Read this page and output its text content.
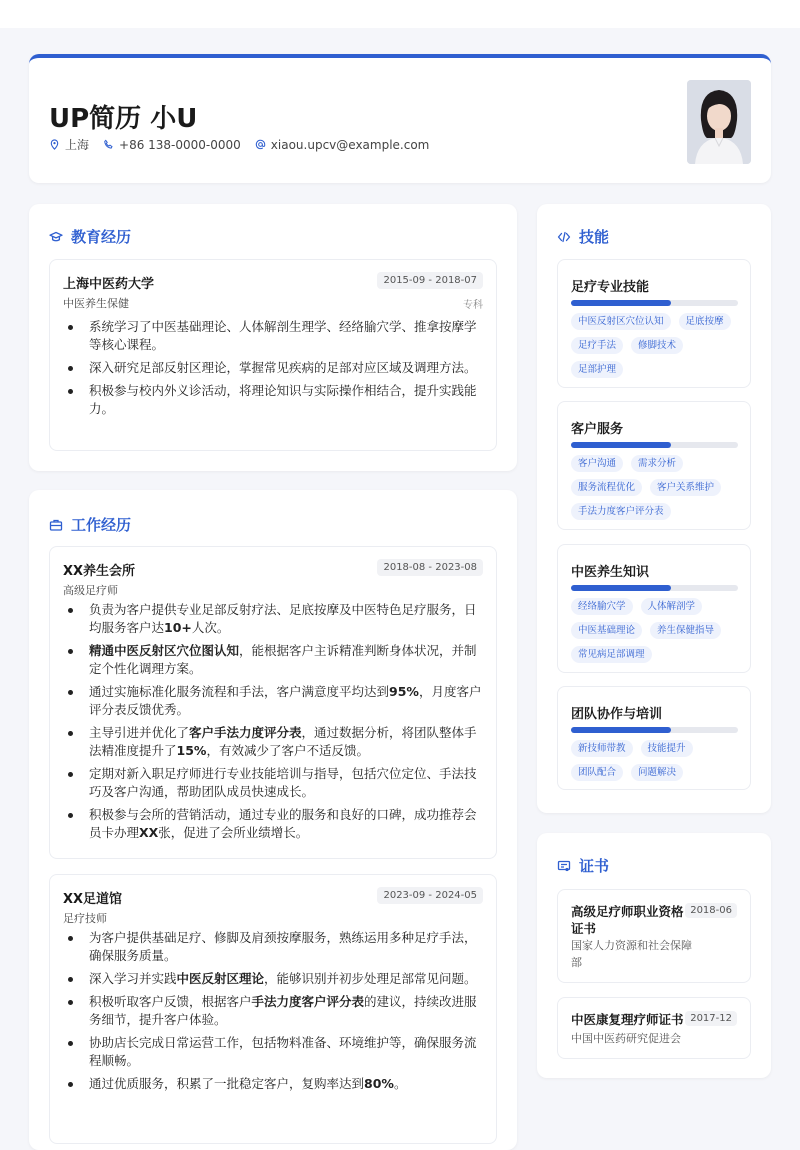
UP简历 小U
上海	+86 138-0000-0000	xiaou.upcv@example.com
教育经历
上海中医药大学	2015-09 - 2018-07
中医养生保健	专科
系统学习了中医基础理论、人体解剖生理学、经络腧穴学、推拿按摩学等核心课程。
深入研究足部反射区理论，掌握常见疾病的足部对应区域及调理方法。
积极参与校内外义诊活动，将理论知识与实际操作相结合，提升实践能力。
工作经历
XX养生会所	2018-08 - 2023-08
高级足疗师
负责为客户提供专业足部反射疗法、足底按摩及中医特色足疗服务，日均服务客户达10+人次。
精通中医反射区穴位图认知，能根据客户主诉精准判断身体状况，并制定个性化调理方案。
通过实施标准化服务流程和手法，客户满意度平均达到95%，月度客户评分表反馈优秀。
主导引进并优化了客户手法力度评分表，通过数据分析，将团队整体手法精准度提升了15%，有效减少了客户不适反馈。
定期对新入职足疗师进行专业技能培训与指导，包括穴位定位、手法技巧及客户沟通，帮助团队成员快速成长。
积极参与会所的营销活动，通过专业的服务和良好的口碑，成功推荐会员卡办理XX张，促进了会所业绩增长。
XX足道馆	2023-09 - 2024-05
足疗技师
为客户提供基础足疗、修脚及肩颈按摩服务，熟练运用多种足疗手法，确保服务质量。
深入学习并实践中医反射区理论，能够识别并初步处理足部常见问题。
积极听取客户反馈，根据客户手法力度客户评分表的建议，持续改进服务细节，提升客户体验。
协助店长完成日常运营工作，包括物料准备、环境维护等，确保服务流程顺畅。
通过优质服务，积累了一批稳定客户，复购率达到80%。
技能
足疗专业技能
中医反射区穴位认知	足底按摩
足疗手法	修脚技术
足部护理
客户服务
客户沟通	需求分析
服务流程优化	客户关系维护
手法力度客户评分表
中医养生知识
经络腧穴学	人体解剖学
中医基础理论	养生保健指导
常见病足部调理
团队协作与培训
新技师带教	技能提升
团队配合	问题解决
证书
高级足疗师职业资格证书
2018-06
国家人力资源和社会保障部
中医康复理疗师证书 2017-12
中国中医药研究促进会
